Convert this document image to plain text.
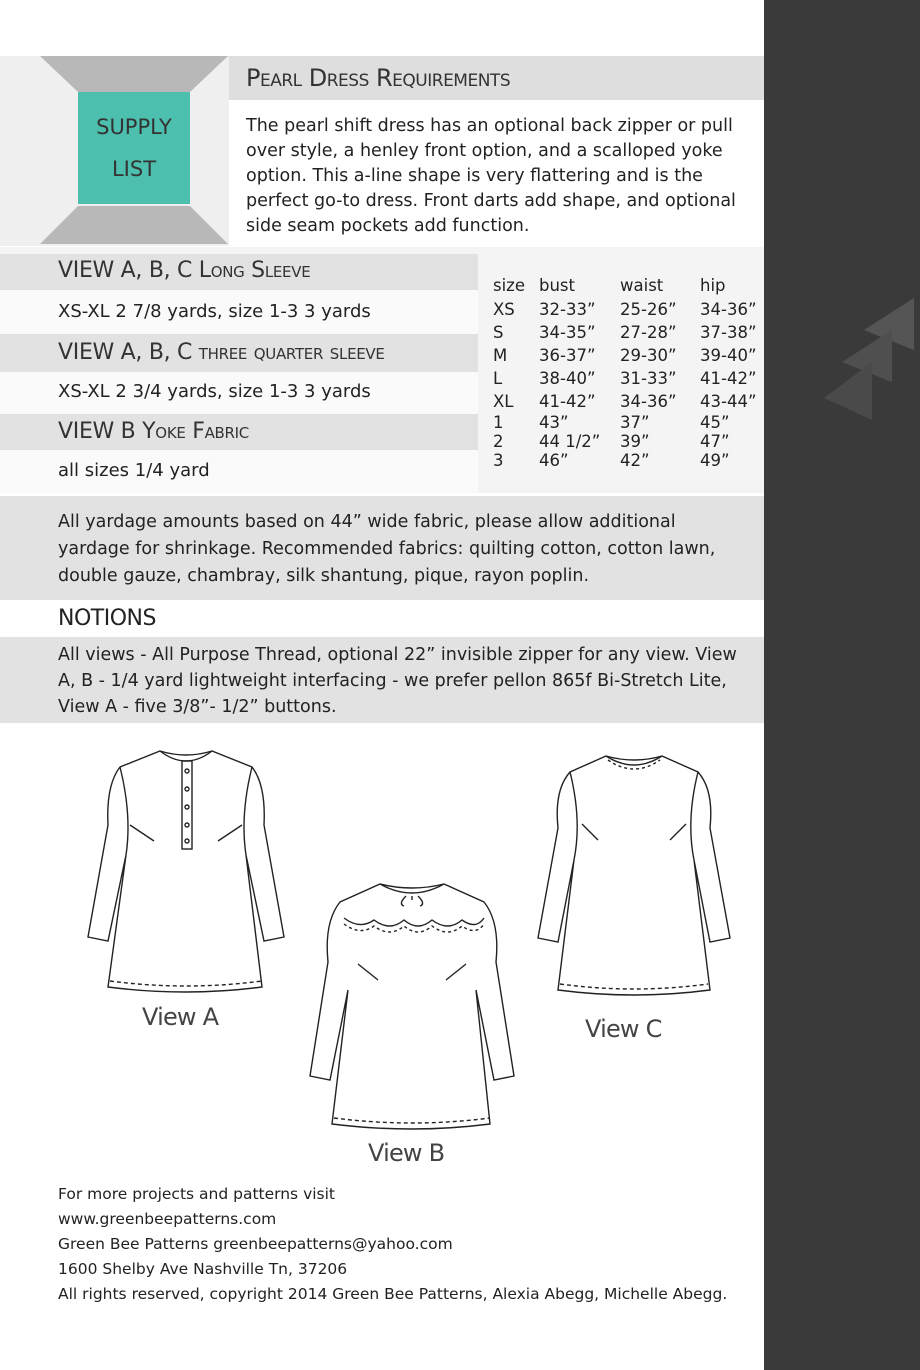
SUPPLY
LIST
Pearl Dress Requirements
The pearl shift dress has an optional back zipper or pull over style, a henley front option, and a scalloped yoke option. This a-line shape is very flattering and is the perfect go-to dress. Front darts add shape, and optional side seam pockets add function.
VIEW A, B, C Long Sleeve
XS-XL 2 7/8 yards, size 1-3 3 yards
VIEW A, B, C three quarter sleeve
XS-XL 2 3/4 yards, size 1-3 3 yards
VIEW B Yoke Fabric
all sizes 1/4 yard
size	bust	waist	hip
XS	32-33”	25-26”	34-36”
S	34-35”	27-28”	37-38”
M	36-37”	29-30”	39-40”
L	38-40”	31-33”	41-42”
XL	41-42”	34-36”	43-44”
1	43”	37”	45”
2	44 1/2”	39”	47”
3	46”	42”	49”
All yardage amounts based on 44” wide fabric, please allow additional yardage for shrinkage. Recommended fabrics: quilting cotton, cotton lawn, double gauze, chambray, silk shantung, pique, rayon poplin.
NOTIONS
All views - All Purpose Thread, optional 22” invisible zipper for any view. View A, B - 1/4 yard lightweight interfacing - we prefer pellon 865f Bi-Stretch Lite, View A - five 3/8”- 1/2” buttons.
View A
View B
View C
For more projects and patterns visit
www.greenbeepatterns.com
Green Bee Patterns greenbeepatterns@yahoo.com
1600 Shelby Ave Nashville Tn, 37206
All rights reserved, copyright 2014 Green Bee Patterns, Alexia Abegg, Michelle Abegg.
